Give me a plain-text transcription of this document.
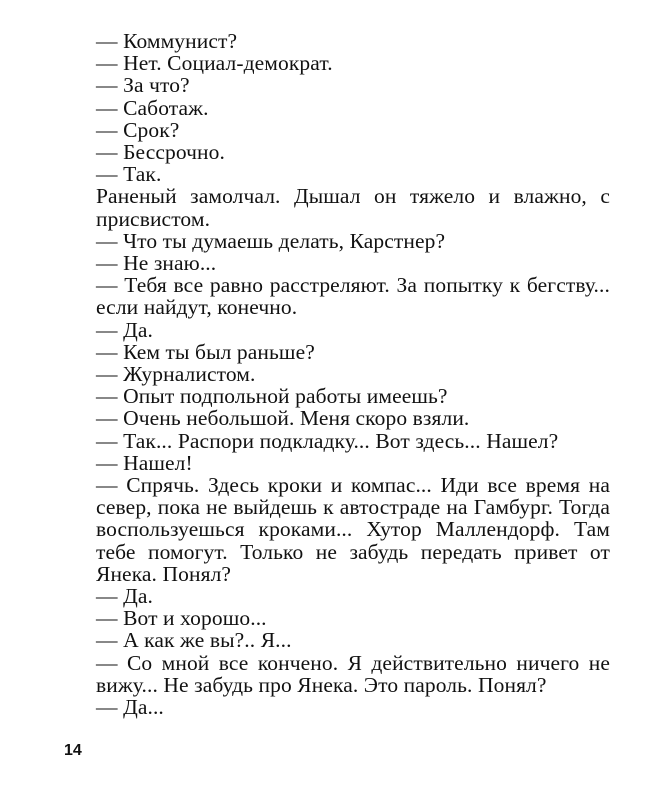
— Коммунист?

— Нет. Социал-демократ.

— За что?

— Саботаж.

— Срок?

— Бессрочно.

— Так.

Раненый замолчал. Дышал он тяжело и влажно, с присвистом.

— Что ты думаешь делать, Карстнер?

— Не знаю...

— Тебя все равно расстреляют. За попытку к бегству... если найдут, конечно.

— Да.

— Кем ты был раньше?

— Журналистом.

— Опыт подпольной работы имеешь?

— Очень небольшой. Меня скоро взяли.

— Так... Распори подкладку... Вот здесь... Нашел?

— Нашел!

— Спрячь. Здесь кроки и компас... Иди все время на север, пока не выйдешь к автостраде на Гамбург. Тогда воспользуешься кроками... Хутор Маллендорф. Там тебе помогут. Только не забудь передать привет от Янека. Понял?

— Да.

— Вот и хорошо...

— А как же вы?.. Я...

— Со мной все кончено. Я действительно ничего не вижу... Не забудь про Янека. Это пароль. Понял?

— Да...

14
